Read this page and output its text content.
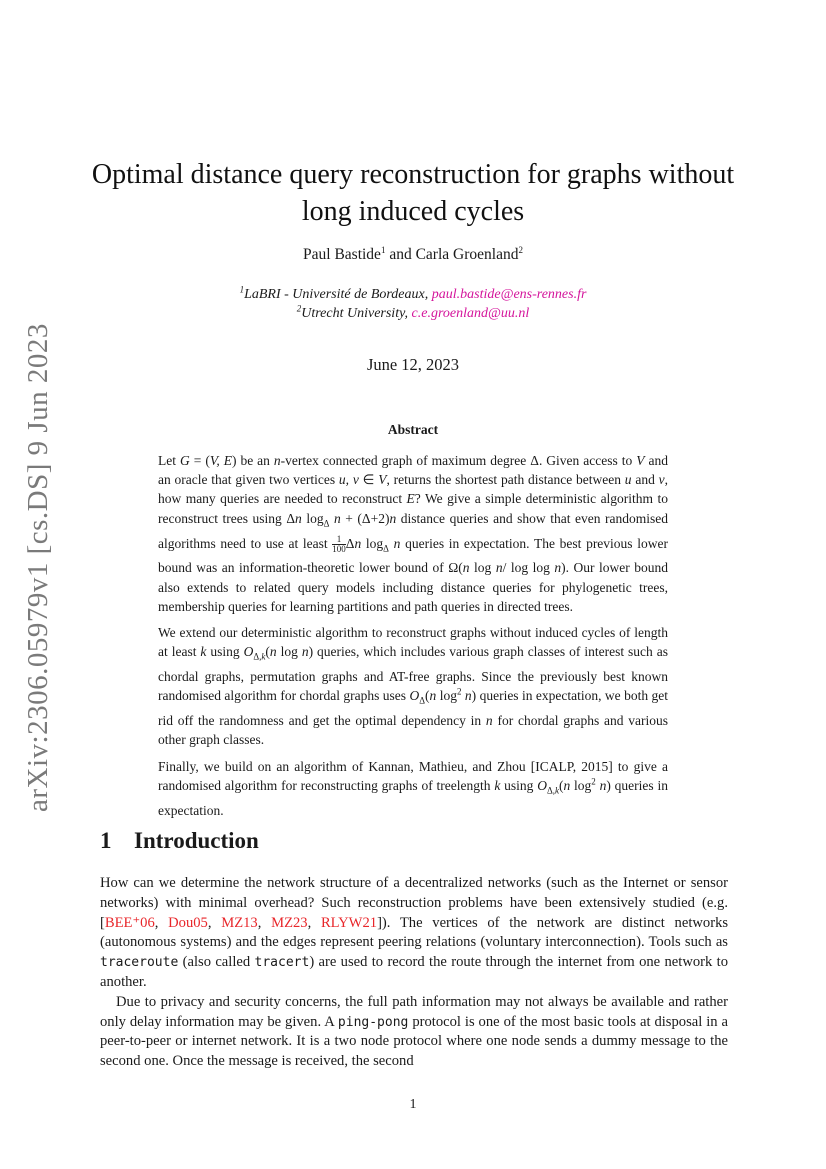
arXiv:2306.05979v1 [cs.DS] 9 Jun 2023
Optimal distance query reconstruction for graphs without long induced cycles
Paul Bastide$^1$ and Carla Groenland$^2$
$^1$LaBRI - Université de Bordeaux, paul.bastide@ens-rennes.fr
$^2$Utrecht University, c.e.groenland@uu.nl
June 12, 2023
Abstract

Let G = (V, E) be an n-vertex connected graph of maximum degree Δ. Given access to V and an oracle that given two vertices u, v ∈ V, returns the shortest path distance between u and v, how many queries are needed to reconstruct E? We give a simple deterministic algorithm to reconstruct trees using Δn $\log_\Delta n + (\Delta+2)n$ distance queries and show that even randomised algorithms need to use at least $\frac{1}{100}$ Δn $\log_\Delta n$ queries in expectation. The best previous lower bound was an information-theoretic lower bound of Ω(n log n/ log log n). Our lower bound also extends to related query models including distance queries for phylogenetic trees, membership queries for learning partitions and path queries in directed trees.

We extend our deterministic algorithm to reconstruct graphs without induced cycles of length at least k using $O_{\Delta,k}(n$ log n) queries, which includes various graph classes of interest such as chordal graphs, permutation graphs and AT-free graphs. Since the previously best known randomised algorithm for chordal graphs uses $O_\Delta(n$ $\log^2 n$) queries in expectation, we both get rid off the randomness and get the optimal dependency in n for chordal graphs and various other graph classes.

Finally, we build on an algorithm of Kannan, Mathieu, and Zhou [ICALP, 2015] to give a randomised algorithm for reconstructing graphs of treelength k using $O_{\Delta,k}(n$ $\log^2 n$) queries in expectation.

1 Introduction

How can we determine the network structure of a decentralized networks (such as the Internet or sensor networks) with minimal overhead? Such reconstruction problems have been extensively studied (e.g. [BEE⁺06, Dou05, MZ13, MZ23, RLYW21]). The vertices of the network are distinct networks (autonomous systems) and the edges represent peering relations (voluntary interconnection). Tools such as traceroute (also called tracert) are used to record the route through the internet from one network to another.

Due to privacy and security concerns, the full path information may not always be available and rather only delay information may be given. A ping-pong protocol is one of the most basic tools at disposal in a peer-to-peer or internet network. It is a two node protocol where one node sends a dummy message to the second one. Once the message is received, the second

1
